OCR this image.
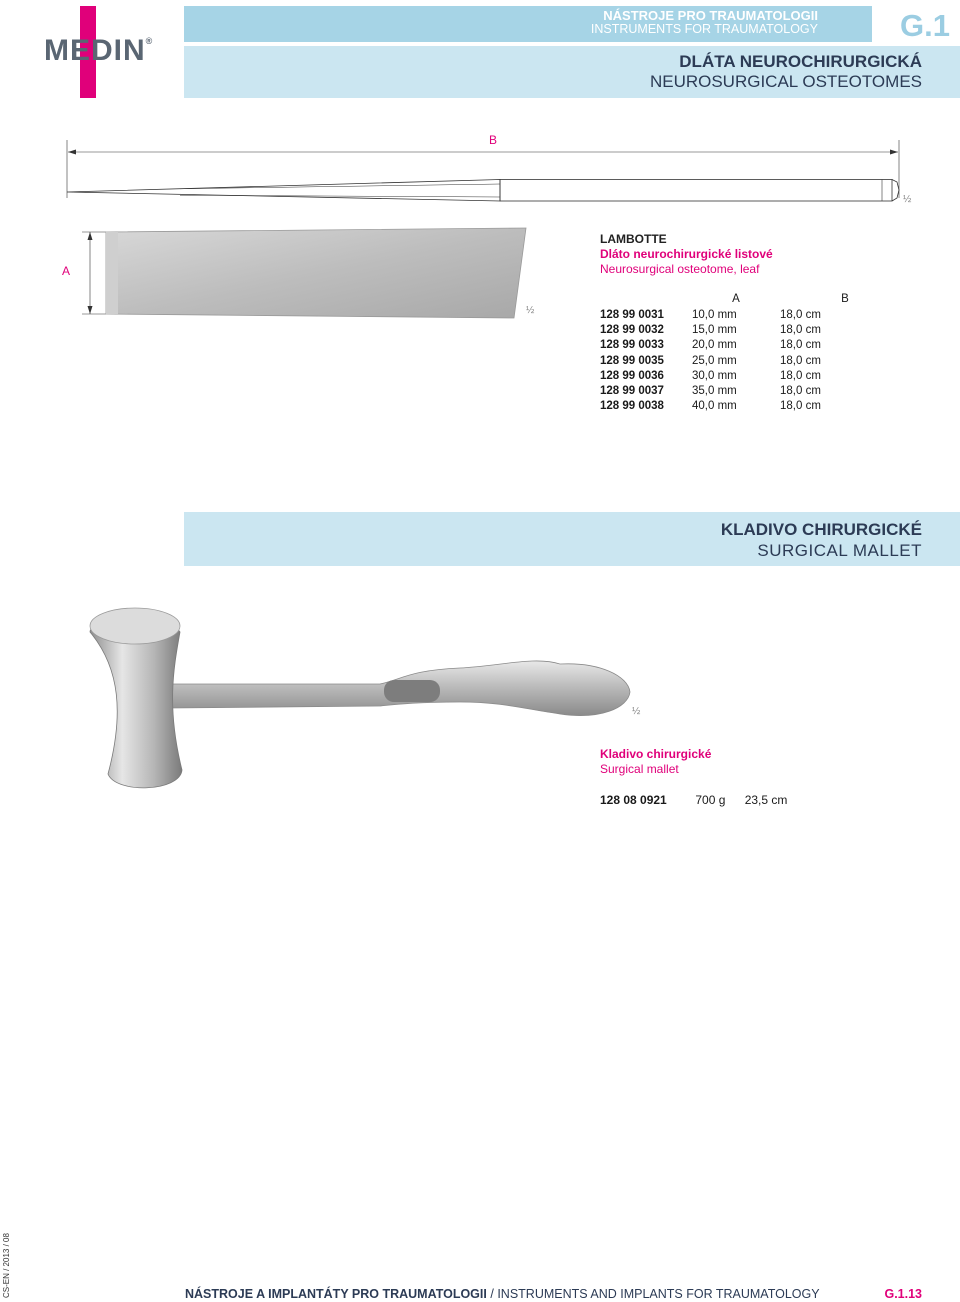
MEDIN®
NÁSTROJE PRO TRAUMATOLOGII
INSTRUMENTS FOR TRAUMATOLOGY	G.1
DLÁTA NEUROCHIRURGICKÁ
NEUROSURGICAL OSTEOTOMES
B
½
A
½
LAMBOTTE
Dláto neurochirurgické listové
Neurosurgical osteotome, leaf
	A	B
128 99 0031	10,0 mm	18,0 cm
128 99 0032	15,0 mm	18,0 cm
128 99 0033	20,0 mm	18,0 cm
128 99 0035	25,0 mm	18,0 cm
128 99 0036	30,0 mm	18,0 cm
128 99 0037	35,0 mm	18,0 cm
128 99 0038	40,0 mm	18,0 cm
KLADIVO CHIRURGICKÉ
SURGICAL MALLET
½
Kladivo chirurgické
Surgical mallet
128 08 0921 700 g 23,5 cm
CS-EN / 2013 / 08	NÁSTROJE A IMPLANTÁTY PRO TRAUMATOLOGII / INSTRUMENTS AND IMPLANTS FOR TRAUMATOLOGY	G.1.13
